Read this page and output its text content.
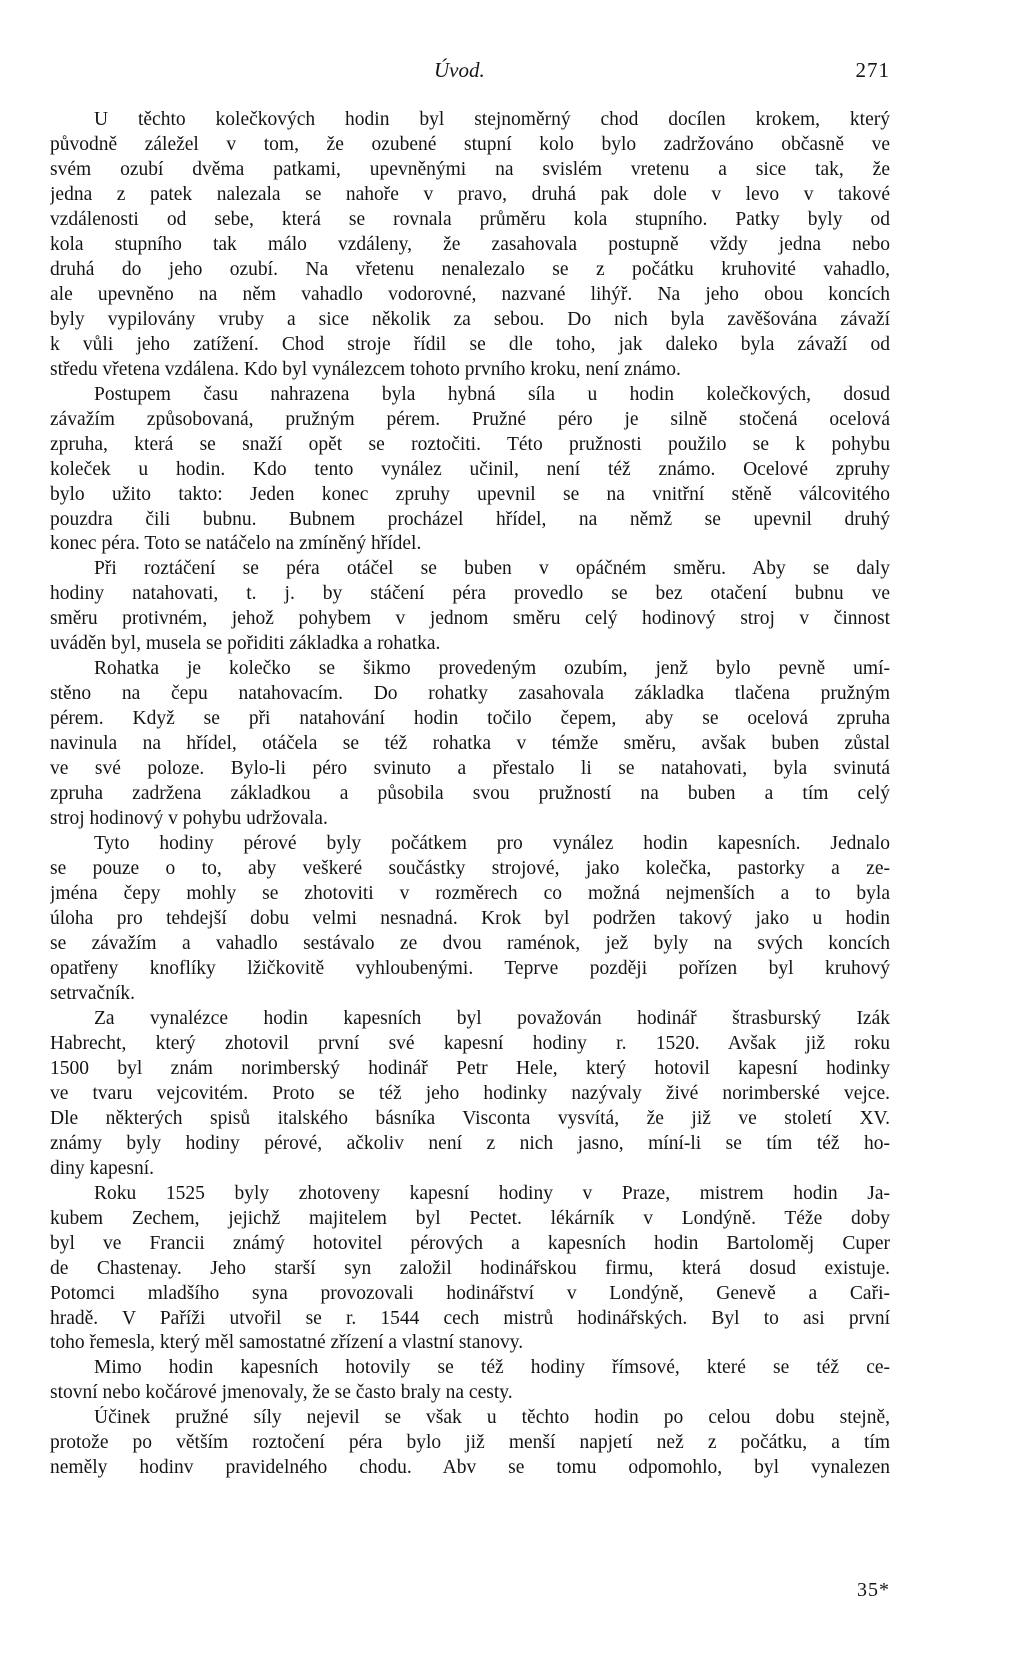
Úvod.	271
U těchto kolečkových hodin byl stejnoměrný chod docílen krokem, který
původně záležel v tom, že ozubené stupní kolo bylo zadržováno občasně ve
svém ozubí dvěma patkami, upevněnými na svislém vretenu a sice tak, že
jedna z patek nalezala se nahoře v pravo, druhá pak dole v levo v takové
vzdálenosti od sebe, která se rovnala průměru kola stupního. Patky byly od
kola stupního tak málo vzdáleny, že zasahovala postupně vždy jedna nebo
druhá do jeho ozubí. Na vřetenu nenalezalo se z počátku kruhovité vahadlo,
ale upevněno na něm vahadlo vodorovné, nazvané lihýř. Na jeho obou koncích
byly vypilovány vruby a sice několik za sebou. Do nich byla zavěšována závaží
k vůli jeho zatížení. Chod stroje řídil se dle toho, jak daleko byla závaží od
středu vřetena vzdálena. Kdo byl vynálezcem tohoto prvního kroku, není známo.
Postupem času nahrazena byla hybná síla u hodin kolečkových, dosud
závažím způsobovaná, pružným pérem. Pružné péro je silně stočená ocelová
zpruha, která se snaží opět se roztočiti. Této pružnosti použilo se k pohybu
koleček u hodin. Kdo tento vynález učinil, není též známo. Ocelové zpruhy
bylo užito takto: Jeden konec zpruhy upevnil se na vnitřní stěně válcovitého
pouzdra čili bubnu. Bubnem procházel hřídel, na němž se upevnil druhý
konec péra. Toto se natáčelo na zmíněný hřídel.
Při roztáčení se péra otáčel se buben v opáčném směru. Aby se daly
hodiny natahovati, t. j. by stáčení péra provedlo se bez otačení bubnu ve
směru protivném, jehož pohybem v jednom směru celý hodinový stroj v činnost
uváděn byl, musela se pořiditi základka a rohatka.
Rohatka je kolečko se šikmo provedeným ozubím, jenž bylo pevně umí-
stěno na čepu natahovacím. Do rohatky zasahovala základka tlačena pružným
pérem. Když se při natahování hodin točilo čepem, aby se ocelová zpruha
navinula na hřídel, otáčela se též rohatka v témže směru, avšak buben zůstal
ve své poloze. Bylo-li péro svinuto a přestalo li se natahovati, byla svinutá
zpruha zadržena základkou a působila svou pružností na buben a tím celý
stroj hodinový v pohybu udržovala.
Tyto hodiny pérové byly počátkem pro vynález hodin kapesních. Jednalo
se pouze o to, aby veškeré součástky strojové, jako kolečka, pastorky a ze-
jména čepy mohly se zhotoviti v rozměrech co možná nejmenších a to byla
úloha pro tehdejší dobu velmi nesnadná. Krok byl podržen takový jako u hodin
se závažím a vahadlo sestávalo ze dvou raménok, jež byly na svých koncích
opatřeny knoflíky lžičkovitě vyhloubenými. Teprve později pořízen byl kruhový
setrvačník.
Za vynalézce hodin kapesních byl považován hodinář štrasburský Izák
Habrecht, který zhotovil první své kapesní hodiny r. 1520. Avšak již roku
1500 byl znám norimberský hodinář Petr Hele, který hotovil kapesní hodinky
ve tvaru vejcovitém. Proto se též jeho hodinky nazývaly živé norimberské vejce.
Dle některých spisů italského básníka Visconta vysvítá, že již ve století XV.
známy byly hodiny pérové, ačkoliv není z nich jasno, míní-li se tím též ho-
diny kapesní.
Roku 1525 byly zhotoveny kapesní hodiny v Praze, mistrem hodin Ja-
kubem Zechem, jejichž majitelem byl Pectet. lékárník v Londýně. Téže doby
byl ve Francii známý hotovitel pérových a kapesních hodin Bartoloměj Cuper
de Chastenay. Jeho starší syn založil hodinářskou firmu, která dosud existuje.
Potomci mladšího syna provozovali hodinářství v Londýně, Genevě a Caři-
hradě. V Paříži utvořil se r. 1544 cech mistrů hodinářských. Byl to asi první
toho řemesla, který měl samostatné zřízení a vlastní stanovy.
Mimo hodin kapesních hotovily se též hodiny římsové, které se též ce-
stovní nebo kočárové jmenovaly, že se často braly na cesty.
Účinek pružné síly nejevil se však u těchto hodin po celou dobu stejně,
protože po větším roztočení péra bylo již menší napjetí než z počátku, a tím
neměly hodinv pravidelného chodu. Abv se tomu odpomohlo, byl vynalezen
35*
